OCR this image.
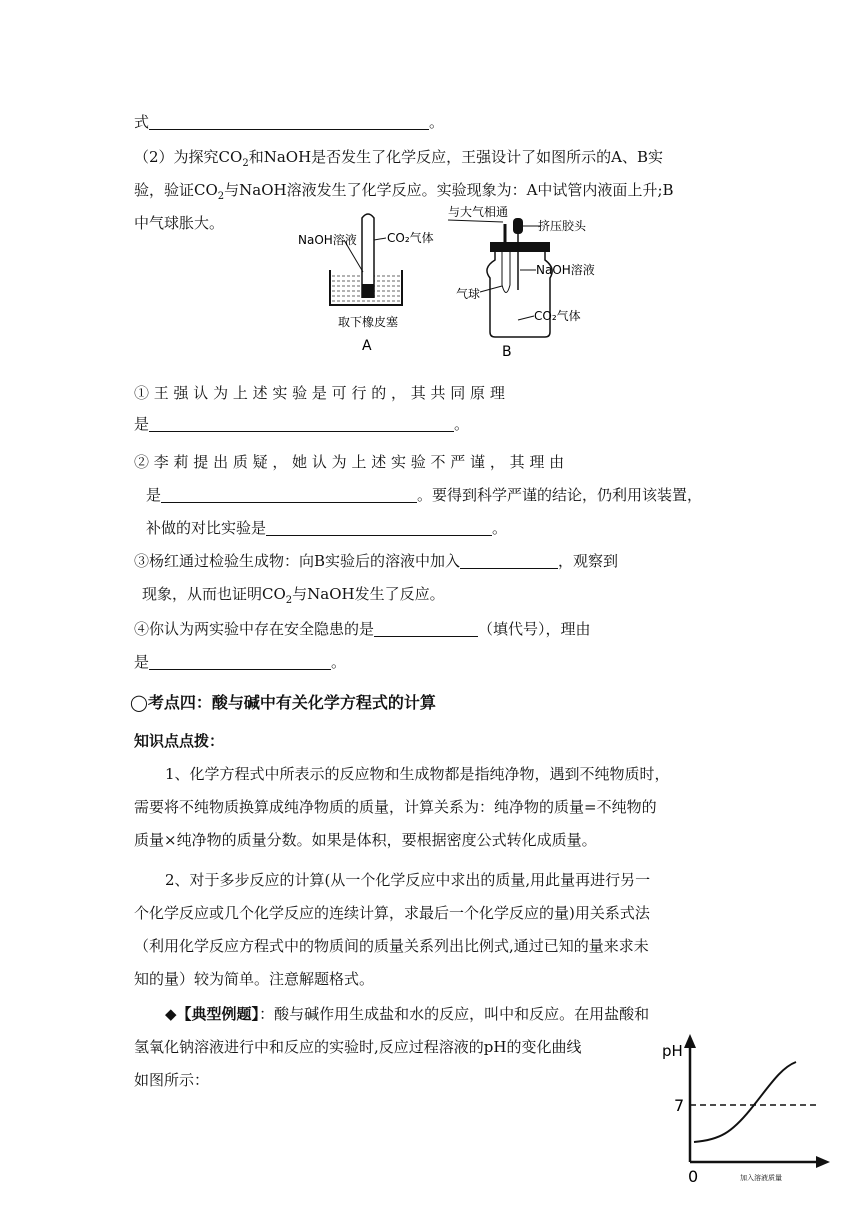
式	。
（2）为探究$CO_2$和NaOH是否发生了化学反应，王强设计了如图所示的A、B实
验，验证$CO_2$与NaOH溶液发生了化学反应。实验现象为：A中试管内液面上升;B
中气球胀大。
NaOH溶液	CO₂气体
取下橡皮塞
A
与大气相通
挤压胶头
NaOH溶液
气球
CO₂气体
B
① 王 强 认 为 上 述 实 验 是 可 行 的 ， 其 共 同 原 理
是	。
② 李 莉 提 出 质 疑 ， 她 认 为 上 述 实 验 不 严 谨 ， 其 理 由
是	。要得到科学严谨的结论，仍利用该装置，
补做的对比实验是	。
③杨红通过检验生成物：向B实验后的溶液中加入	，观察到
现象，从而也证明$CO_2$与NaOH发生了反应。
④你认为两实验中存在安全隐患的是	（填代号），理由
是	。
◯考点四：酸与碱中有关化学方程式的计算
知识点点拨：
1、化学方程式中所表示的反应物和生成物都是指纯净物，遇到不纯物质时，
需要将不纯物质换算成纯净物质的质量，计算关系为：纯净物的质量=不纯物的
质量×纯净物的质量分数。如果是体积，要根据密度公式转化成质量。
2、对于多步反应的计算(从一个化学反应中求出的质量,用此量再进行另一
个化学反应或几个化学反应的连续计算，求最后一个化学反应的量)用关系式法
（利用化学反应方程式中的物质间的质量关系列出比例式,通过已知的量来求未
知的量）较为简单。注意解题格式。
◆【典型例题】：酸与碱作用生成盐和水的反应，叫中和反应。在用盐酸和
氢氧化钠溶液进行中和反应的实验时,反应过程溶液的pH的变化曲线
如图所示：
pH
7
0	加入溶液质量
